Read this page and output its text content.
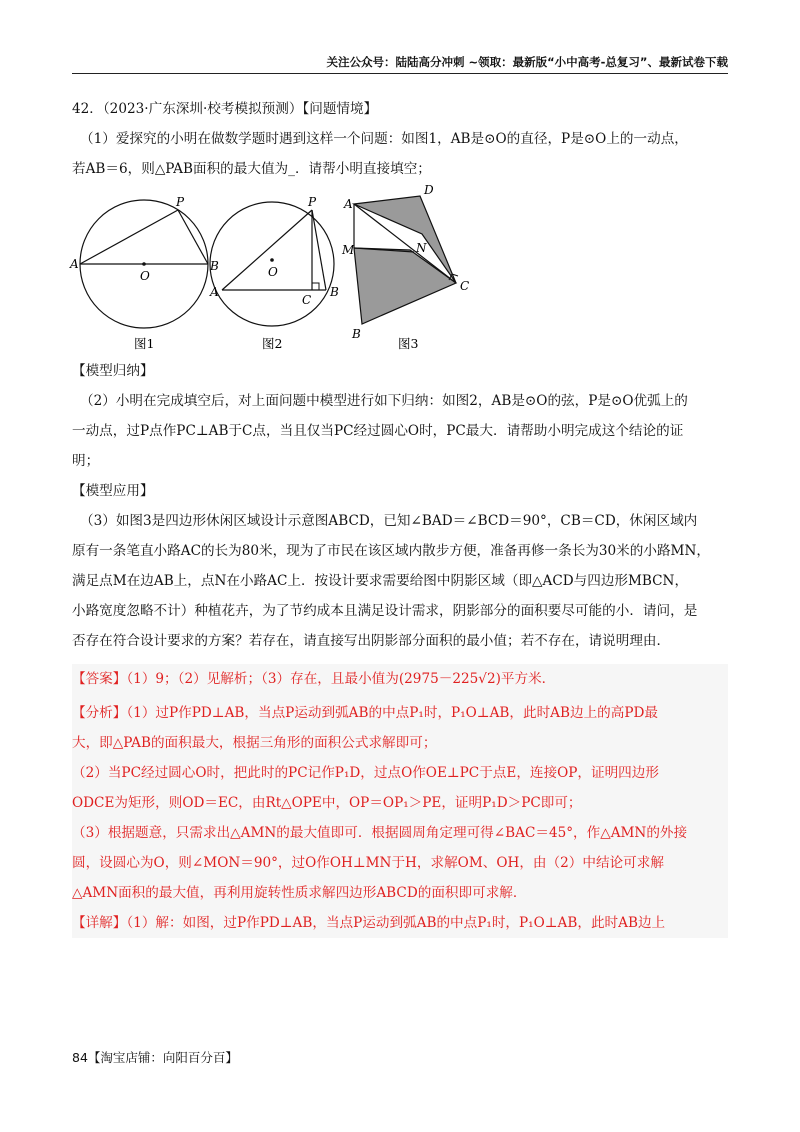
关注公众号：陆陆高分冲刺 ~领取：最新版“小中高考-总复习”、最新试卷下载

42．（2023·广东深圳·校考模拟预测）【问题情境】

（1）爱探究的小明在做数学题时遇到这样一个问题：如图1，AB是⊙O的直径，P是⊙O上的一动点，

若AB＝6，则△PAB面积的最大值为_．请帮小明直接填空；

A	B
O
P
图1
A	B
C
O
P
图2
A
D
M	N
C
B
图3

【模型归纳】

（2）小明在完成填空后，对上面问题中模型进行如下归纳：如图2，AB是⊙O的弦，P是⊙O优弧上的

一动点，过P点作PC⊥AB于C点，当且仅当PC经过圆心O时，PC最大．请帮助小明完成这个结论的证

明；

【模型应用】

（3）如图3是四边形休闲区域设计示意图ABCD，已知∠BAD＝∠BCD＝90°，CB＝CD，休闲区域内

原有一条笔直小路AC的长为80米，现为了市民在该区域内散步方便，准备再修一条长为30米的小路MN，

满足点M在边AB上，点N在小路AC上．按设计要求需要给图中阴影区域（即△ACD与四边形MBCN，

小路宽度忽略不计）种植花卉，为了节约成本且满足设计需求，阴影部分的面积要尽可能的小．请问，是

否存在符合设计要求的方案？若存在，请直接写出阴影部分面积的最小值；若不存在，请说明理由．

【答案】（1）9；（2）见解析；（3）存在，且最小值为(2975－225√2)平方米．

【分析】（1）过P作PD⊥AB，当点P运动到弧AB的中点P₁时，P₁O⊥AB，此时AB边上的高PD最

大，即△PAB的面积最大，根据三角形的面积公式求解即可；

（2）当PC经过圆心O时，把此时的PC记作P₁D，过点O作OE⊥PC于点E，连接OP，证明四边形

ODCE为矩形，则OD＝EC，由Rt△OPE中，OP＝OP₁＞PE，证明P₁D＞PC即可；

（3）根据题意，只需求出△AMN的最大值即可．根据圆周角定理可得∠BAC＝45°，作△AMN的外接

圆，设圆心为O，则∠MON＝90°，过O作OH⊥MN于H，求解OM、OH，由（2）中结论可求解

△AMN面积的最大值，再利用旋转性质求解四边形ABCD的面积即可求解．

【详解】（1）解：如图，过P作PD⊥AB，当点P运动到弧AB的中点P₁时，P₁O⊥AB，此时AB边上

84【淘宝店铺：向阳百分百】
